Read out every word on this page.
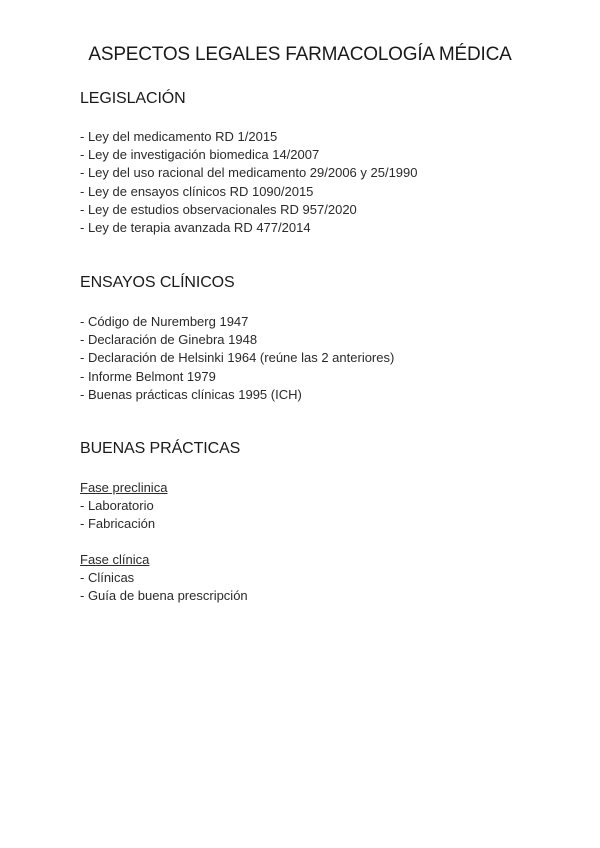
ASPECTOS LEGALES FARMACOLOGÍA MÉDICA
LEGISLACIÓN
- Ley del medicamento RD 1/2015
- Ley de investigación biomedica 14/2007
- Ley del uso racional del medicamento 29/2006 y 25/1990
- Ley de ensayos clínicos RD 1090/2015
- Ley de estudios observacionales RD 957/2020
- Ley de terapia avanzada RD 477/2014
ENSAYOS CLÍNICOS
- Código de Nuremberg 1947
- Declaración de Ginebra 1948
- Declaración de Helsinki 1964 (reúne las 2 anteriores)
- Informe Belmont 1979
- Buenas prácticas clínicas 1995 (ICH)
BUENAS PRÁCTICAS
Fase preclinica
- Laboratorio
- Fabricación
Fase clínica
- Clínicas
- Guía de buena prescripción
